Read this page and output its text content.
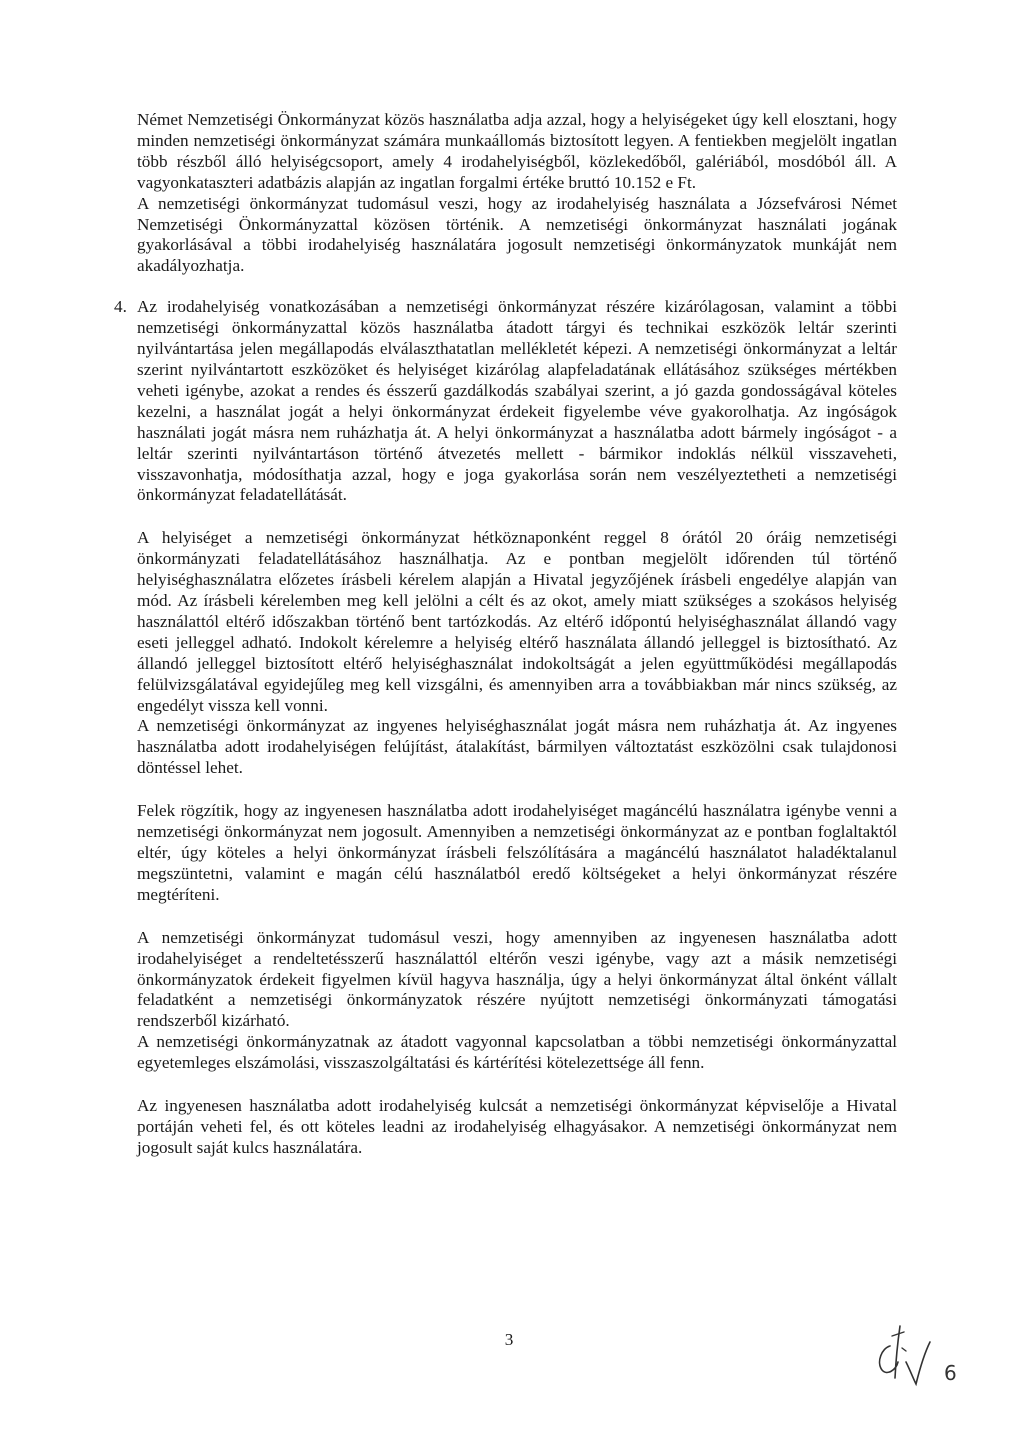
Német Nemzetiségi Önkormányzat közös használatba adja azzal, hogy a helyiségeket úgy kell elosztani, hogy minden nemzetiségi önkormányzat számára munkaállomás biztosított legyen. A fentiekben megjelölt ingatlan több részből álló helyiségcsoport, amely 4 irodahelyiségből, közlekedőből, galériából, mosdóból áll. A vagyonkataszteri adatbázis alapján az ingatlan forgalmi értéke bruttó 10.152 e Ft.

A nemzetiségi önkormányzat tudomásul veszi, hogy az irodahelyiség használata a Józsefvárosi Német Nemzetiségi Önkormányzattal közösen történik. A nemzetiségi önkormányzat használati jogának gyakorlásával a többi irodahelyiség használatára jogosult nemzetiségi önkormányzatok munkáját nem akadályozhatja.

4. Az irodahelyiség vonatkozásában a nemzetiségi önkormányzat részére kizárólagosan, valamint a többi nemzetiségi önkormányzattal közös használatba átadott tárgyi és technikai eszközök leltár szerinti nyilvántartása jelen megállapodás elválaszthatatlan mellékletét képezi. A nemzetiségi önkormányzat a leltár szerint nyilvántartott eszközöket és helyiséget kizárólag alapfeladatának ellátásához szükséges mértékben veheti igénybe, azokat a rendes és ésszerű gazdálkodás szabályai szerint, a jó gazda gondosságával köteles kezelni, a használat jogát a helyi önkormányzat érdekeit figyelembe véve gyakorolhatja. Az ingóságok használati jogát másra nem ruházhatja át. A helyi önkormányzat a használatba adott bármely ingóságot - a leltár szerinti nyilvántartáson történő átvezetés mellett - bármikor indoklás nélkül visszaveheti, visszavonhatja, módosíthatja azzal, hogy e joga gyakorlása során nem veszélyeztetheti a nemzetiségi önkormányzat feladatellátását.

A helyiséget a nemzetiségi önkormányzat hétköznaponként reggel 8 órától 20 óráig nemzetiségi önkormányzati feladatellátásához használhatja. Az e pontban megjelölt időrenden túl történő helyiséghasználatra előzetes írásbeli kérelem alapján a Hivatal jegyzőjének írásbeli engedélye alapján van mód. Az írásbeli kérelemben meg kell jelölni a célt és az okot, amely miatt szükséges a szokásos helyiség használattól eltérő időszakban történő bent tartózkodás. Az eltérő időpontú helyiséghasználat állandó vagy eseti jelleggel adható. Indokolt kérelemre a helyiség eltérő használata állandó jelleggel is biztosítható. Az állandó jelleggel biztosított eltérő helyiséghasználat indokoltságát a jelen együttműködési megállapodás felülvizsgálatával egyidejűleg meg kell vizsgálni, és amennyiben arra a továbbiakban már nincs szükség, az engedélyt vissza kell vonni.

A nemzetiségi önkormányzat az ingyenes helyiséghasználat jogát másra nem ruházhatja át. Az ingyenes használatba adott irodahelyiségen felújítást, átalakítást, bármilyen változtatást eszközölni csak tulajdonosi döntéssel lehet.

Felek rögzítik, hogy az ingyenesen használatba adott irodahelyiséget magáncélú használatra igénybe venni a nemzetiségi önkormányzat nem jogosult. Amennyiben a nemzetiségi önkormányzat az e pontban foglaltaktól eltér, úgy köteles a helyi önkormányzat írásbeli felszólítására a magáncélú használatot haladéktalanul megszüntetni, valamint e magán célú használatból eredő költségeket a helyi önkormányzat részére megtéríteni.

A nemzetiségi önkormányzat tudomásul veszi, hogy amennyiben az ingyenesen használatba adott irodahelyiséget a rendeltetésszerű használattól eltérőn veszi igénybe, vagy azt a másik nemzetiségi önkormányzatok érdekeit figyelmen kívül hagyva használja, úgy a helyi önkormányzat által önként vállalt feladatként a nemzetiségi önkormányzatok részére nyújtott nemzetiségi önkormányzati támogatási rendszerből kizárható.

A nemzetiségi önkormányzatnak az átadott vagyonnal kapcsolatban a többi nemzetiségi önkormányzattal egyetemleges elszámolási, visszaszolgáltatási és kártérítési kötelezettsége áll fenn.

Az ingyenesen használatba adott irodahelyiség kulcsát a nemzetiségi önkormányzat képviselője a Hivatal portáján veheti fel, és ott köteles leadni az irodahelyiség elhagyásakor. A nemzetiségi önkormányzat nem jogosult saját kulcs használatára.

3
6
